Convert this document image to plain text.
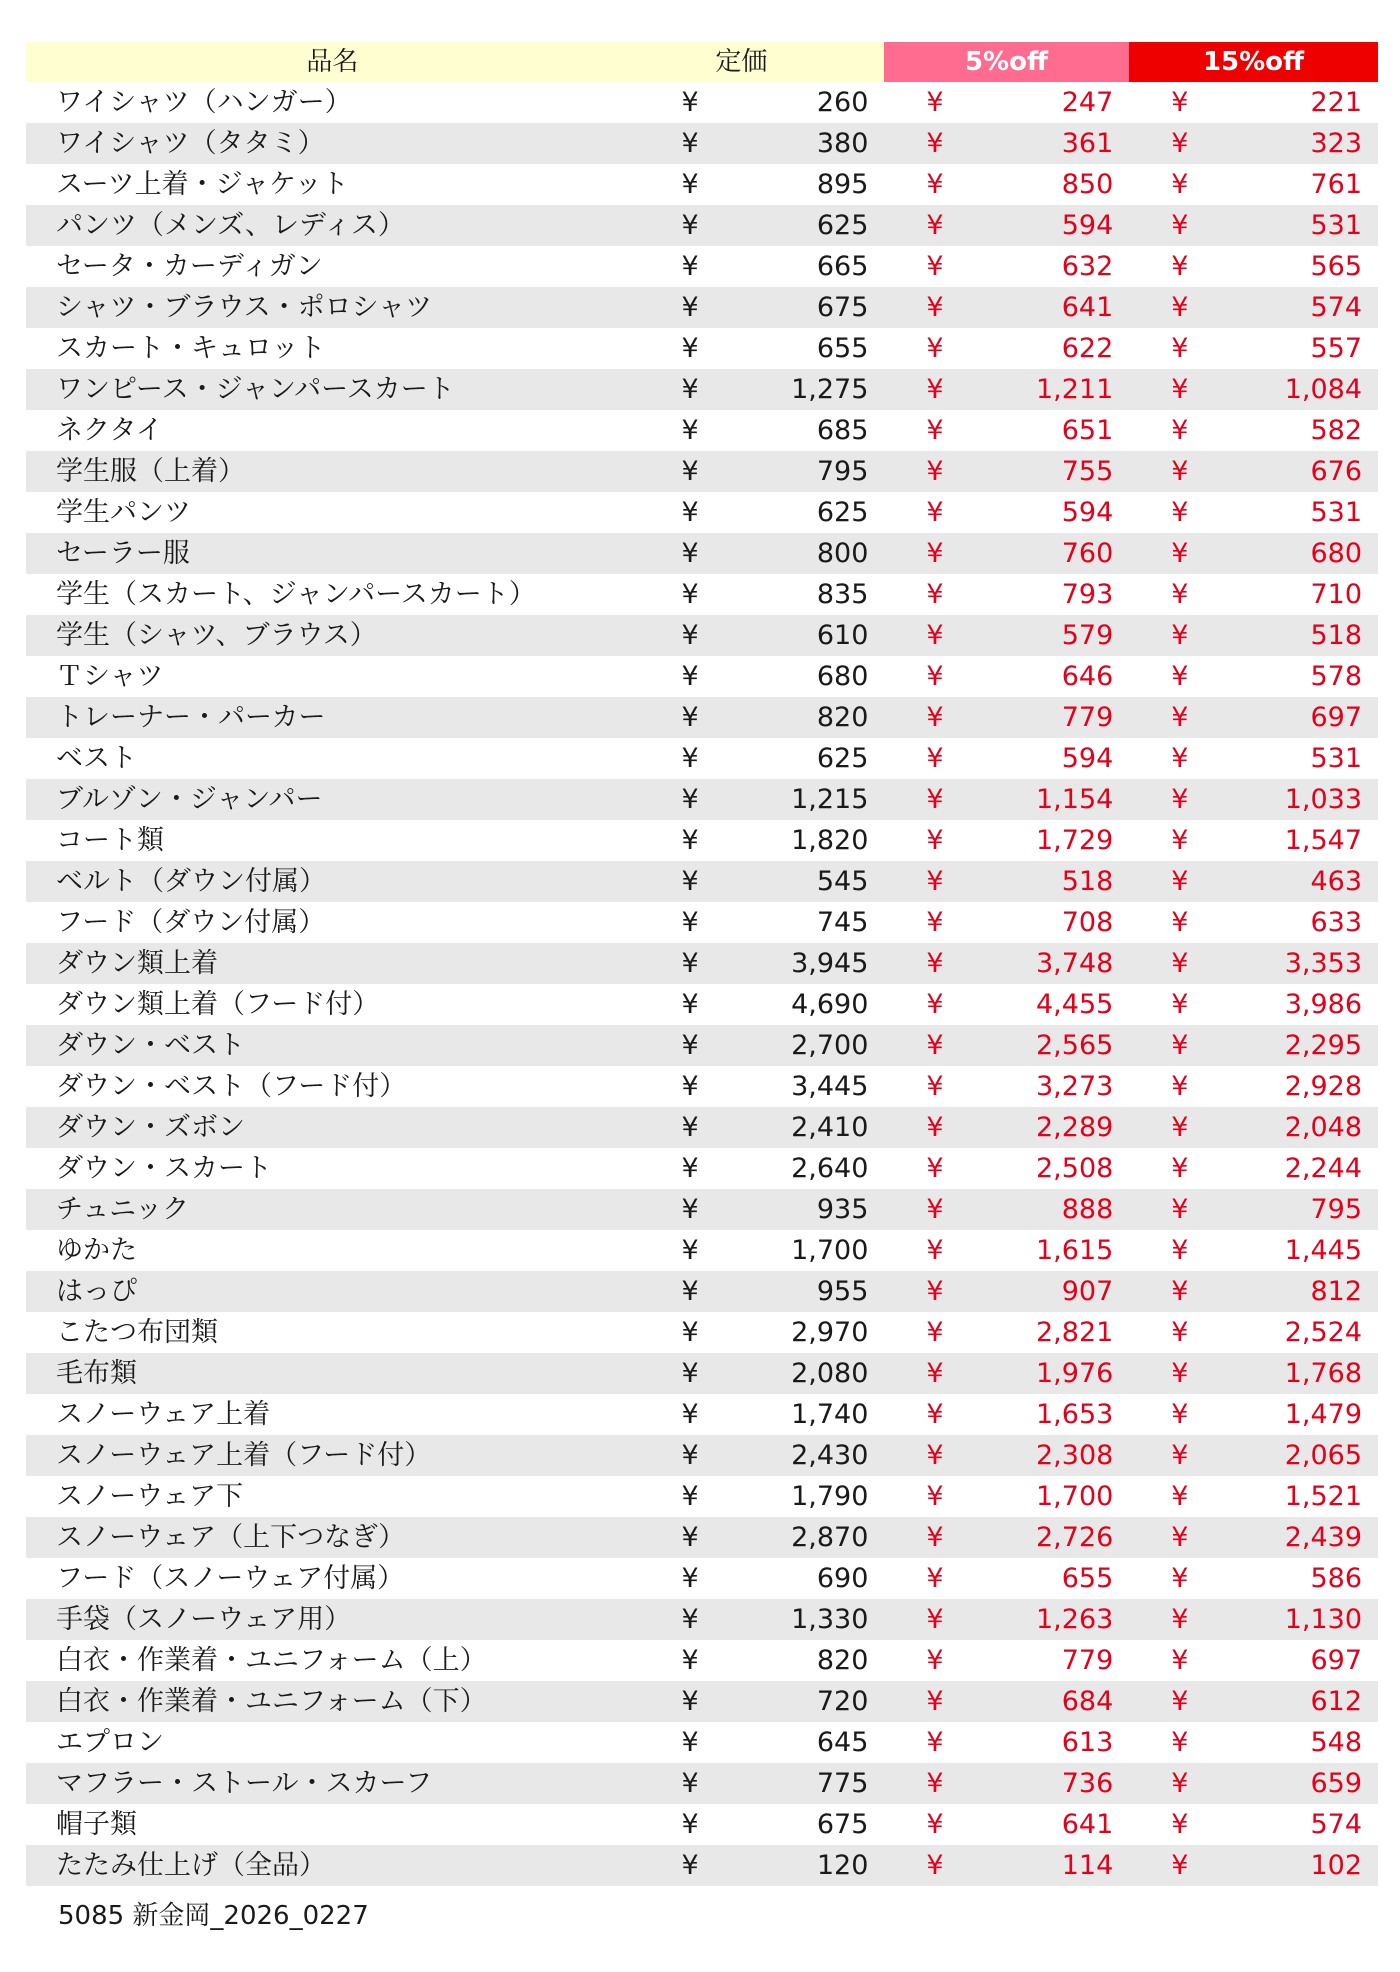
品名	定価	5%off	15%off
ワイシャツ（ハンガー）	¥	260	¥	247	¥	221
ワイシャツ（タタミ）	¥	380	¥	361	¥	323
スーツ上着・ジャケット	¥	895	¥	850	¥	761
パンツ（メンズ、レディス）	¥	625	¥	594	¥	531
セータ・カーディガン	¥	665	¥	632	¥	565
シャツ・ブラウス・ポロシャツ	¥	675	¥	641	¥	574
スカート・キュロット	¥	655	¥	622	¥	557
ワンピース・ジャンパースカート	¥	1,275	¥	1,211	¥	1,084
ネクタイ	¥	685	¥	651	¥	582
学生服（上着）	¥	795	¥	755	¥	676
学生パンツ	¥	625	¥	594	¥	531
セーラー服	¥	800	¥	760	¥	680
学生（スカート、ジャンパースカート）	¥	835	¥	793	¥	710
学生（シャツ、ブラウス）	¥	610	¥	579	¥	518
Ｔシャツ	¥	680	¥	646	¥	578
トレーナー・パーカー	¥	820	¥	779	¥	697
ベスト	¥	625	¥	594	¥	531
ブルゾン・ジャンパー	¥	1,215	¥	1,154	¥	1,033
コート類	¥	1,820	¥	1,729	¥	1,547
ベルト（ダウン付属）	¥	545	¥	518	¥	463
フード（ダウン付属）	¥	745	¥	708	¥	633
ダウン類上着	¥	3,945	¥	3,748	¥	3,353
ダウン類上着（フード付）	¥	4,690	¥	4,455	¥	3,986
ダウン・ベスト	¥	2,700	¥	2,565	¥	2,295
ダウン・ベスト（フード付）	¥	3,445	¥	3,273	¥	2,928
ダウン・ズボン	¥	2,410	¥	2,289	¥	2,048
ダウン・スカート	¥	2,640	¥	2,508	¥	2,244
チュニック	¥	935	¥	888	¥	795
ゆかた	¥	1,700	¥	1,615	¥	1,445
はっぴ	¥	955	¥	907	¥	812
こたつ布団類	¥	2,970	¥	2,821	¥	2,524
毛布類	¥	2,080	¥	1,976	¥	1,768
スノーウェア上着	¥	1,740	¥	1,653	¥	1,479
スノーウェア上着（フード付）	¥	2,430	¥	2,308	¥	2,065
スノーウェア下	¥	1,790	¥	1,700	¥	1,521
スノーウェア（上下つなぎ）	¥	2,870	¥	2,726	¥	2,439
フード（スノーウェア付属）	¥	690	¥	655	¥	586
手袋（スノーウェア用）	¥	1,330	¥	1,263	¥	1,130
白衣・作業着・ユニフォーム（上）	¥	820	¥	779	¥	697
白衣・作業着・ユニフォーム（下）	¥	720	¥	684	¥	612
エプロン	¥	645	¥	613	¥	548
マフラー・ストール・スカーフ	¥	775	¥	736	¥	659
帽子類	¥	675	¥	641	¥	574
たたみ仕上げ（全品）	¥	120	¥	114	¥	102
5085 新金岡_2026_0227
